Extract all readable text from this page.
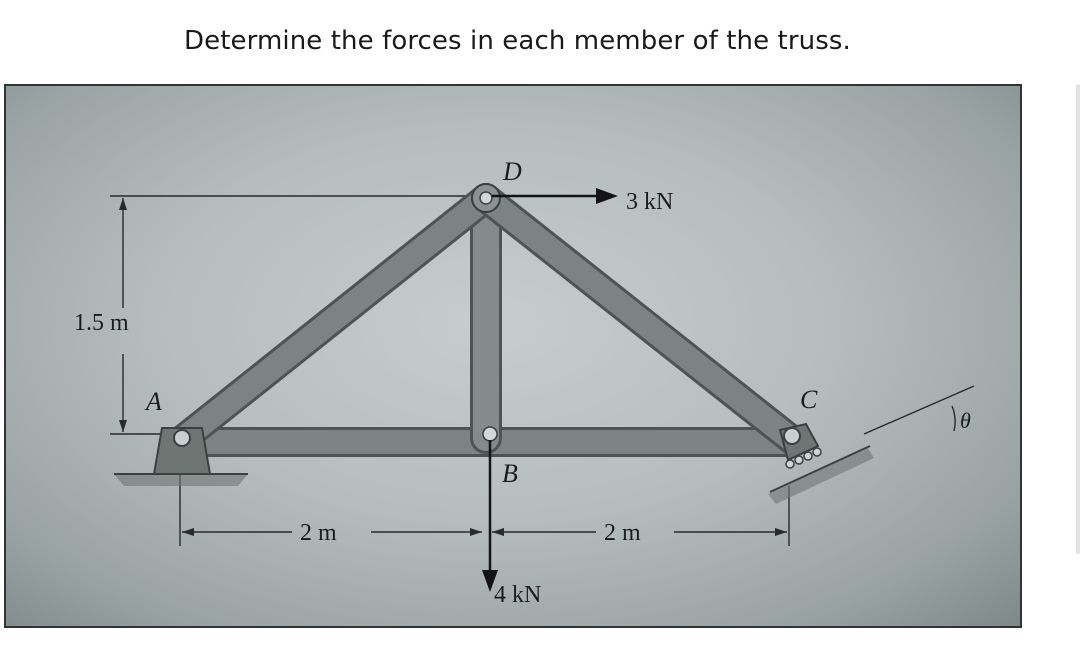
Determine the forces in each member of the truss.
1.5 m
A
D
B
C
3 kN
4 kN
2 m	2 m
θ
